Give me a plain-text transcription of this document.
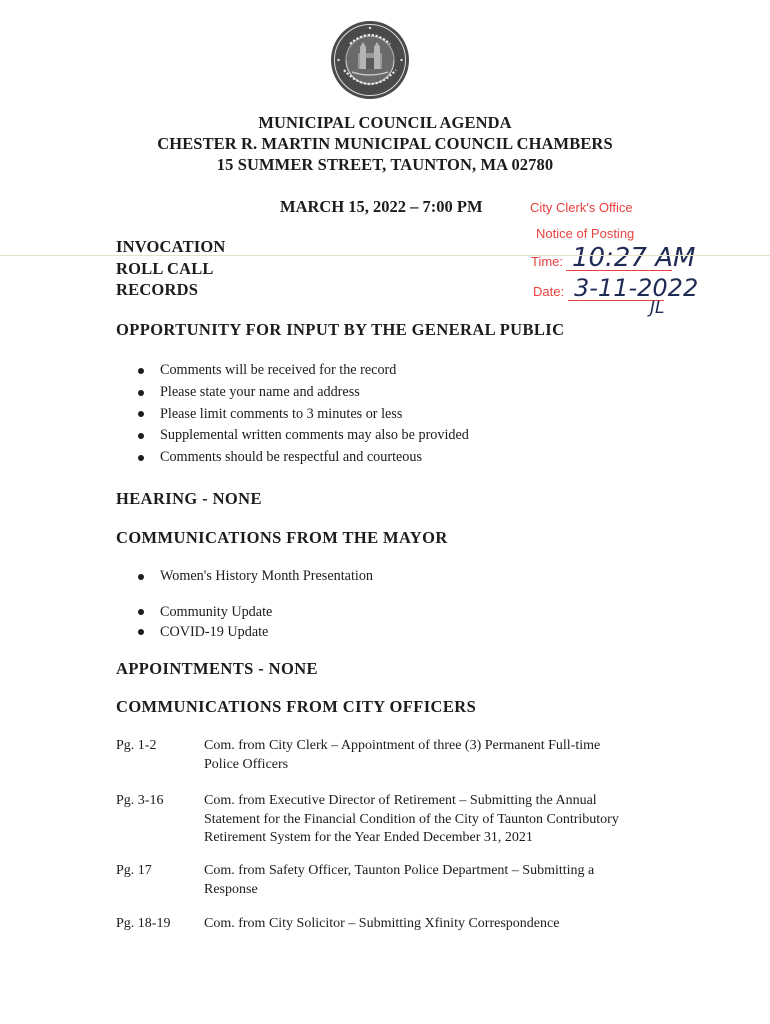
MUNICIPAL COUNCIL AGENDA
CHESTER R. MARTIN MUNICIPAL COUNCIL CHAMBERS
15 SUMMER STREET, TAUNTON, MA 02780
MARCH 15, 2022 – 7:00 PM	City Clerk's Office
Notice of Posting
Time: 10:27 AM
Date: 3-11-2022
JL
INVOCATION
ROLL CALL
RECORDS
OPPORTUNITY FOR INPUT BY THE GENERAL PUBLIC
Comments will be received for the record
Please state your name and address
Please limit comments to 3 minutes or less
Supplemental written comments may also be provided
Comments should be respectful and courteous
HEARING - NONE
COMMUNICATIONS FROM THE MAYOR
Women's History Month Presentation
Community Update
COVID-19 Update
APPOINTMENTS - NONE
COMMUNICATIONS FROM CITY OFFICERS
Pg. 1-2	Com. from City Clerk – Appointment of three (3) Permanent Full-time
Police Officers
Pg. 3-16	Com. from Executive Director of Retirement – Submitting the Annual
Statement for the Financial Condition of the City of Taunton Contributory
Retirement System for the Year Ended December 31, 2021
Pg. 17	Com. from Safety Officer, Taunton Police Department – Submitting a
Response
Pg. 18-19	Com. from City Solicitor – Submitting Xfinity Correspondence
